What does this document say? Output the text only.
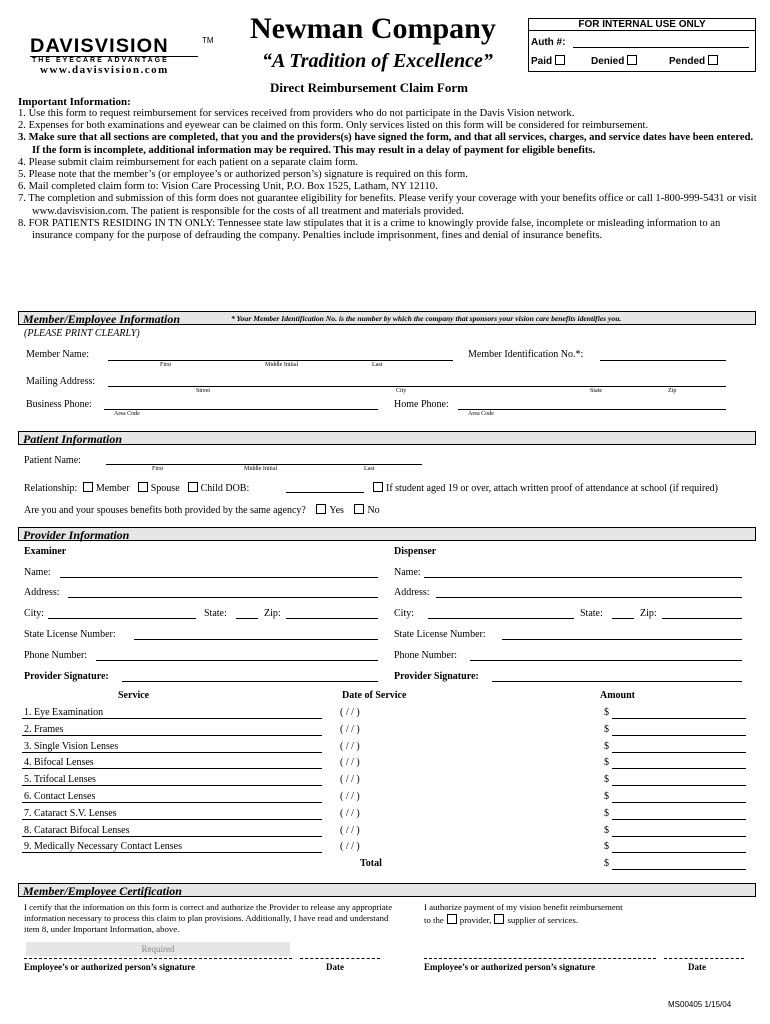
DAVISVISION	TM
THE EYECARE ADVANTAGE
www.davisvision.com
Newman Company
“A Tradition of Excellence”
Direct Reimbursement Claim Form
FOR INTERNAL USE ONLY
Auth #:
Paid	Denied	Pended
Important Information:
1. Use this form to request reimbursement for services received from providers who do not participate in the Davis Vision network.
2. Expenses for both examinations and eyewear can be claimed on this form. Only services listed on this form will be considered for reimbursement.
3. Make sure that all sections are completed, that you and the providers(s) have signed the form, and that all services, charges, and service dates have been entered. If the form is incomplete, additional information may be required. This may result in a delay of payment for eligible benefits.
4. Please submit claim reimbursement for each patient on a separate claim form.
5. Please note that the member’s (or employee’s or authorized person’s) signature is required on this form.
6. Mail completed claim form to: Vision Care Processing Unit, P.O. Box 1525, Latham, NY 12110.
7. The completion and submission of this form does not guarantee eligibility for benefits. Please verify your coverage with your benefits office or call 1-800-999-5431 or visit www.davisvision.com. The patient is responsible for the costs of all treatment and materials provided.
8. FOR PATIENTS RESIDING IN TN ONLY: Tennessee state law stipulates that it is a crime to knowingly provide false, incomplete or misleading information to an insurance company for the purpose of defrauding the company. Penalties include imprisonment, fines and denial of insurance benefits.
Member/Employee Information	* Your Member Identification No. is the number by which the company that sponsors your vision care benefits identifies you.
(PLEASE PRINT CLEARLY)
Member Name:
First	Middle Initial	Last
Member Identification No.*:
Mailing Address:
Street	City	State	Zip
Business Phone:
Area Code
Home Phone:
Area Code
Patient Information
Patient Name:
First	Middle Initial	Last
Relationship: Member Spouse Child DOB:	If student aged 19 or over, attach written proof of attendance at school (if required)
Are you and your spouses benefits both provided by the same agency? Yes No
Provider Information
Examiner	Dispenser
Name:	Name:
Address:	Address:
City:	State:	Zip:	City:	State:	Zip:
State License Number:	State License Number:
Phone Number:	Phone Number:
Provider Signature:	Provider Signature:
Service	Date of Service	Amount
1. Eye Examination	( / / )	$
2. Frames	( / / )	$
3. Single Vision Lenses	( / / )	$
4. Bifocal Lenses	( / / )	$
5. Trifocal Lenses	( / / )	$
6. Contact Lenses	( / / )	$
7. Cataract S.V. Lenses	( / / )	$
8. Cataract Bifocal Lenses	( / / )	$
9. Medically Necessary Contact Lenses	( / / )	$
Total	$
Member/Employee Certification
I certify that the information on this form is correct and authorize the Provider to release any appropriate information necessary to process this claim to plan provisions. Additionally, I have read and understand item 8, under Important Information, above.
I authorize payment of my vision benefit reimbursement
to the provider, supplier of services.
Required
Employee’s or authorized person’s signature	Date	Employee’s or authorized person’s signature	Date
MS00405 1/15/04
